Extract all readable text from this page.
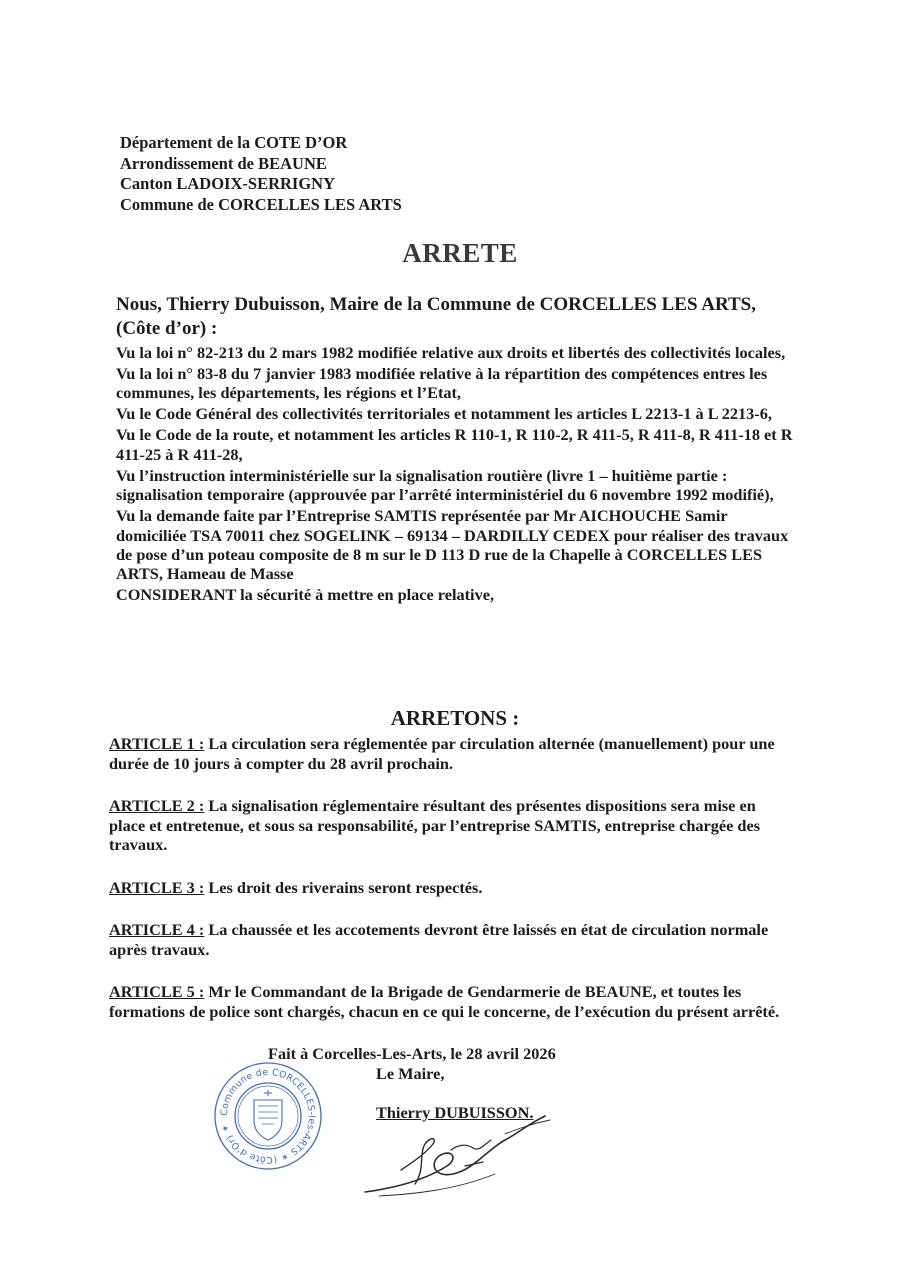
Département de la COTE D’OR
Arrondissement de BEAUNE
Canton LADOIX-SERRIGNY
Commune de CORCELLES LES ARTS
ARRETE
Nous, Thierry Dubuisson, Maire de la Commune de CORCELLES LES ARTS, (Côte d’or) :

Vu la loi n° 82-213 du 2 mars 1982 modifiée relative aux droits et libertés des collectivités locales,

Vu la loi n° 83-8 du 7 janvier 1983 modifiée relative à la répartition des compétences entres les communes, les départements, les régions et l’Etat,

Vu le Code Général des collectivités territoriales et notamment les articles L 2213-1 à L 2213-6,

Vu le Code de la route, et notamment les articles R 110-1, R 110-2, R 411-5, R 411-8, R 411-18 et R 411-25 à R 411-28,

Vu l’instruction interministérielle sur la signalisation routière (livre 1 – huitième partie : signalisation temporaire (approuvée par l’arrêté interministériel du 6 novembre 1992 modifié),

Vu la demande faite par l’Entreprise SAMTIS représentée par Mr AICHOUCHE Samir domiciliée TSA 70011 chez SOGELINK – 69134 – DARDILLY CEDEX pour réaliser des travaux de pose d’un poteau composite de 8 m sur le D 113 D rue de la Chapelle à CORCELLES LES ARTS, Hameau de Masse

CONSIDERANT la sécurité à mettre en place relative,

ARRETONS :

ARTICLE 1 : La circulation sera réglementée par circulation alternée (manuellement) pour une durée de 10 jours à compter du 28 avril prochain.

ARTICLE 2 : La signalisation réglementaire résultant des présentes dispositions sera mise en place et entretenue, et sous sa responsabilité, par l’entreprise SAMTIS, entreprise chargée des travaux.

ARTICLE 3 : Les droit des riverains seront respectés.

ARTICLE 4 : La chaussée et les accotements devront être laissés en état de circulation normale après travaux.

ARTICLE 5 : Mr le Commandant de la Brigade de Gendarmerie de BEAUNE, et toutes les formations de police sont chargés, chacun en ce qui le concerne, de l’exécution du présent arrêté.

Fait à Corcelles-Les-Arts, le 28 avril 2026
Le Maire,
Thierry DUBUISSON.
Commune de CORCELLES-les-ARTS ✶ (Côte d'Or) ✶
